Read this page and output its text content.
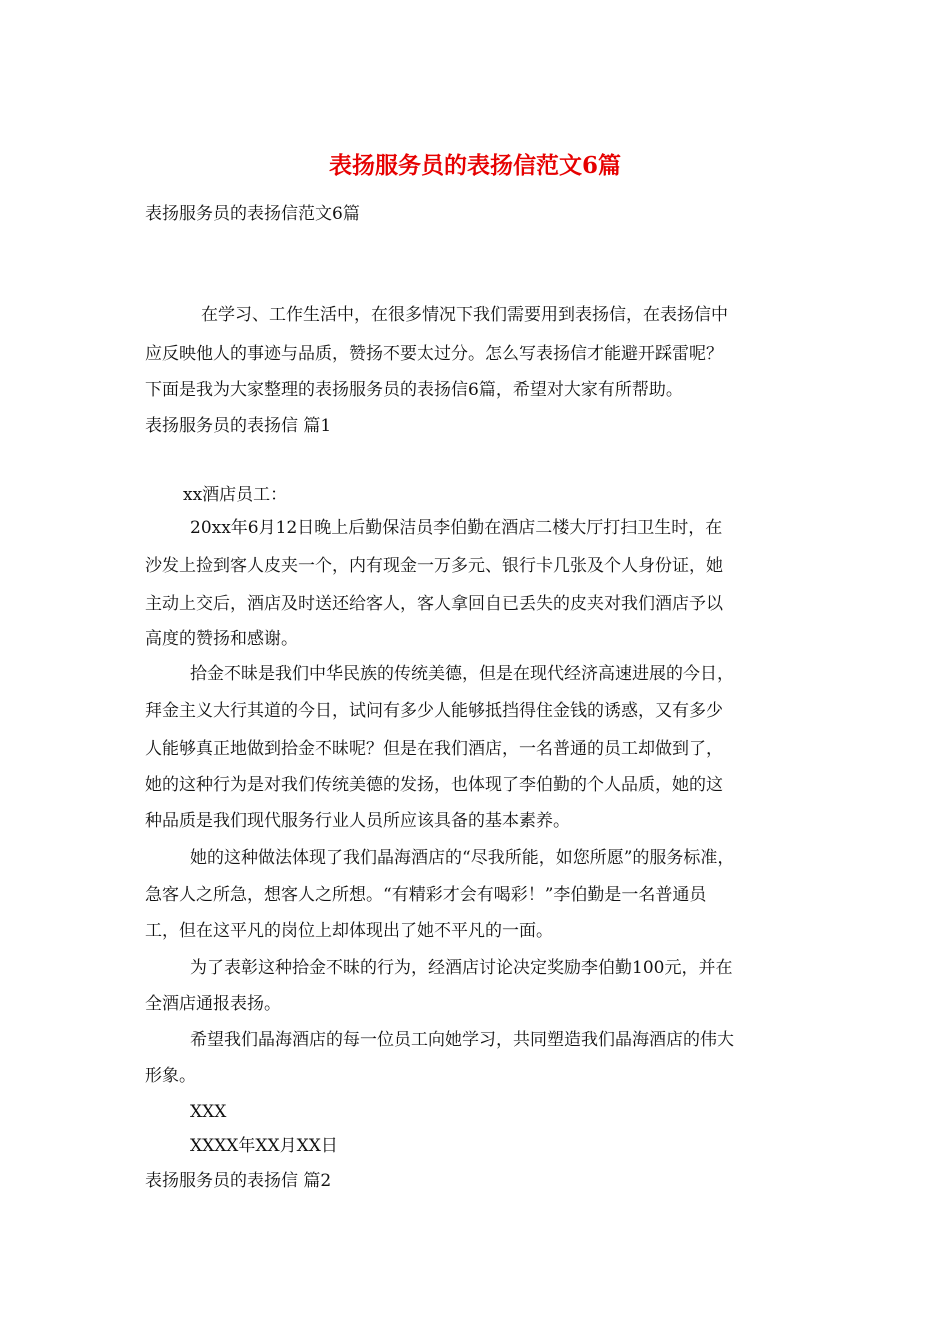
表扬服务员的表扬信范文6篇
表扬服务员的表扬信范文6篇
在学习、工作生活中，在很多情况下我们需要用到表扬信，在表扬信中
应反映他人的事迹与品质，赞扬不要太过分。怎么写表扬信才能避开踩雷呢？
下面是我为大家整理的表扬服务员的表扬信6篇，希望对大家有所帮助。
表扬服务员的表扬信 篇1
xx酒店员工：
20xx年6月12日晚上后勤保洁员李伯勤在酒店二楼大厅打扫卫生时，在
沙发上捡到客人皮夹一个，内有现金一万多元、银行卡几张及个人身份证，她
主动上交后，酒店及时送还给客人，客人拿回自已丢失的皮夹对我们酒店予以
高度的赞扬和感谢。
拾金不昧是我们中华民族的传统美德，但是在现代经济高速进展的今日，
拜金主义大行其道的今日，试问有多少人能够抵挡得住金钱的诱惑，又有多少
人能够真正地做到拾金不昧呢？但是在我们酒店，一名普通的员工却做到了，
她的这种行为是对我们传统美德的发扬，也体现了李伯勤的个人品质，她的这
种品质是我们现代服务行业人员所应该具备的基本素养。
她的这种做法体现了我们晶海酒店的“尽我所能，如您所愿”的服务标准，
急客人之所急，想客人之所想。“有精彩才会有喝彩！”李伯勤是一名普通员
工，但在这平凡的岗位上却体现出了她不平凡的一面。
为了表彰这种拾金不昧的行为，经酒店讨论决定奖励李伯勤100元，并在
全酒店通报表扬。
希望我们晶海酒店的每一位员工向她学习，共同塑造我们晶海酒店的伟大
形象。
XXX
XXXX年XX月XX日
表扬服务员的表扬信 篇2
